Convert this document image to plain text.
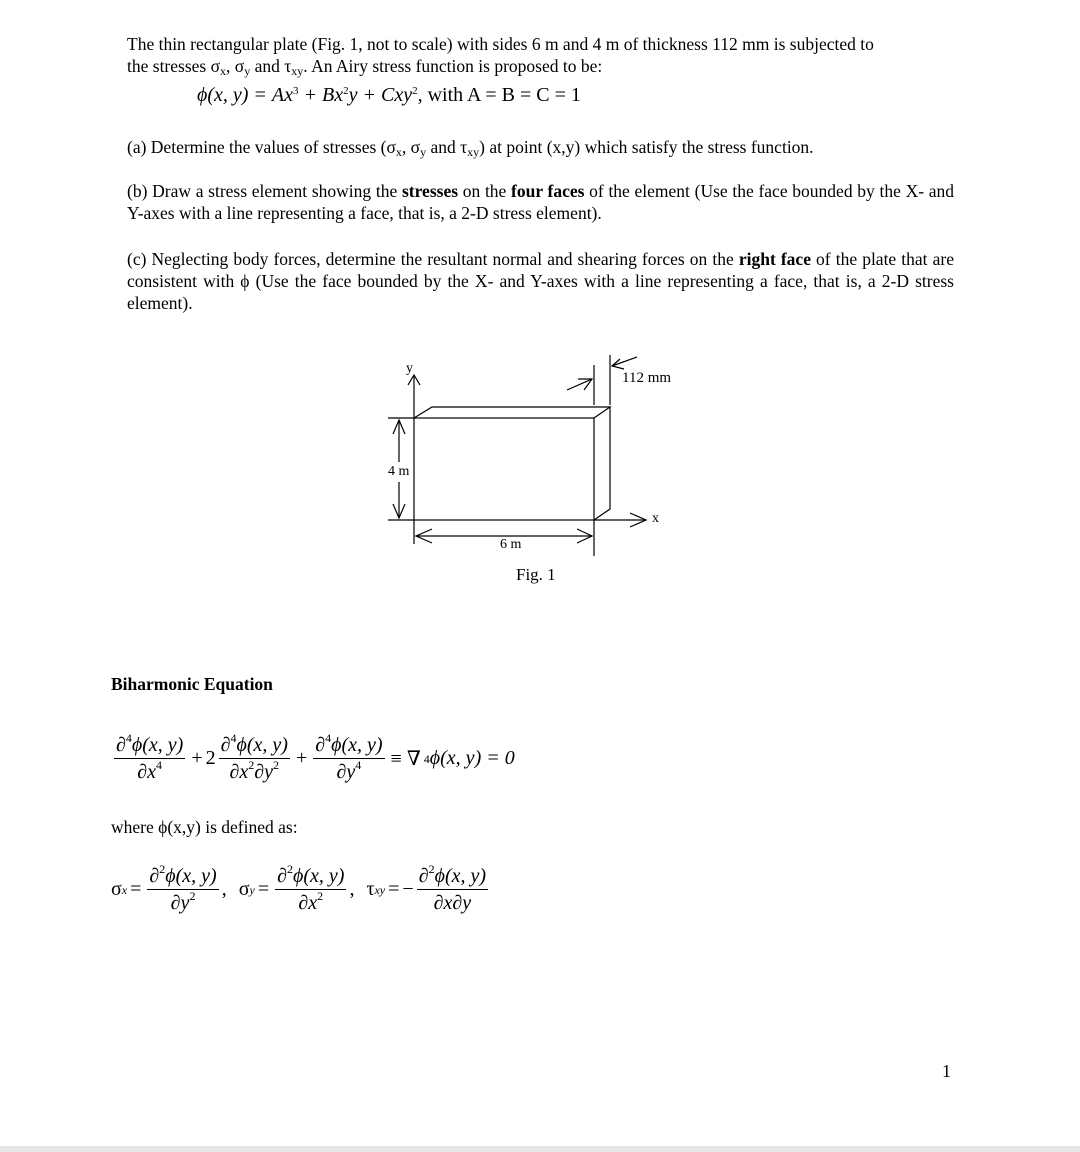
The thin rectangular plate (Fig. 1, not to scale) with sides 6 m and 4 m of thickness 112 mm is subjected to
the stresses $\sigma_x$, $\sigma_y$ and $\tau_{xy}$. An Airy stress function is proposed to be:
ϕ(x, $y) = Ax^3 + Bx^2y + Cxy^2$, with A = B = C = 1
(a) Determine the values of stresses ($\sigma_x$, $\sigma_y$ and $\tau_{xy}$) at point (x,y) which satisfy the stress function.
(b) Draw a stress element showing the stresses on the four faces of the element (Use the face bounded by the X- and Y-axes with a line representing a face, that is, a 2-D stress element).
(c) Neglecting body forces, determine the resultant normal and shearing forces on the right face of the plate that are consistent with ϕ (Use the face bounded by the X- and Y-axes with a line representing a face, that is, a 2-D stress element).
y
x
112 mm
4 m
6 m
Fig. 1
Biharmonic Equation
$\frac{\partial^4\phi(x, y)}{\partial x^4} + 2 \frac{\partial^4\phi(x, y)}{\partial x^2\partial y^2} + \frac{\partial^4\phi(x, y)}{\partial y^4}$ ≡ ∇ 4 ϕ(x, y) = 0
where ϕ(x,y) is defined as:
σ $x = \frac{\partial^2\phi(x, y)}{\partial y^2}$ , σ $y = \frac{\partial^2\phi(x, y)}{\partial x^2}$ , τ xy = − $\frac{\partial^2\phi(x, y)}{\partial x\partial y}$
1
